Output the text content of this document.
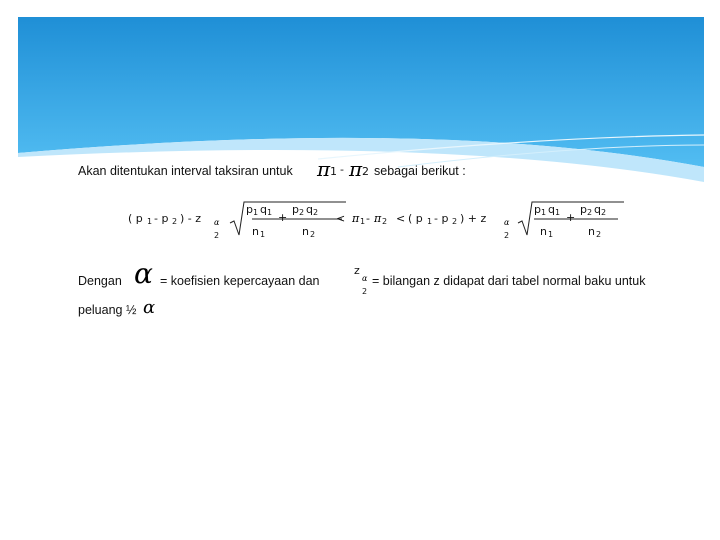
Akan ditentukan interval taksiran untuk π 1 - π 2 sebagai berikut :
( p 1 - p 2 ) - z α
2
p 1 q 1 +
p 2 q 2
n 1	n 2
< π 1 - π 2 < ( p 1 - p 2 ) + z α
2
p 1 q 1 +
p 2 q 2
n 1	n 2
Dengan α = koefisien kepercayaan dan
z
α
2
= bilangan z didapat dari tabel normal baku untuk
peluang ½ α
